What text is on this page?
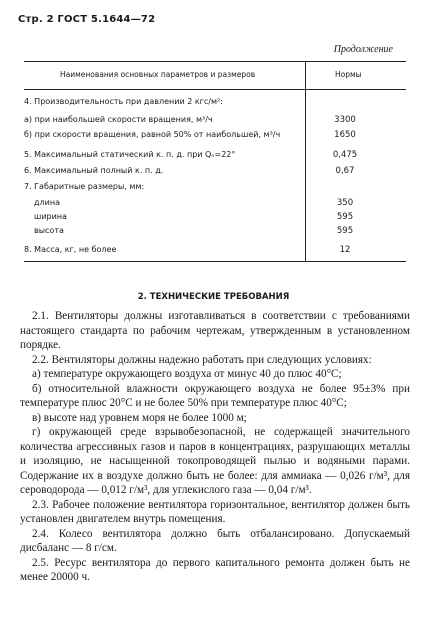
Стр. 2 ГОСТ 5.1644—72
Продолжение
Наименования основных параметров и размеров	Нормы
4. Производительность при давлении 2 кгс/м²:
а) при наибольшей скорости вращения, м³/ч	3300
б) при скорости вращения, равной 50% от наибольшей, м³/ч	1650
5. Максимальный статический к. п. д. при Qₙ=22°	0,475
6. Максимальный полный к. п. д.	0,67
7. Габаритные размеры, мм:
длина	350
ширина	595
высота	595
8. Масса, кг, не более	12
2. ТЕХНИЧЕСКИЕ ТРЕБОВАНИЯ

2.1. Вентиляторы должны изготавливаться в соответствии с требованиями настоящего стандарта по рабочим чертежам, утвержденным в установленном порядке.

2.2. Вентиляторы должны надежно работать при следующих условиях:

а) температуре окружающего воздуха от минус 40 до плюс 40°С;

б) относительной влажности окружающего воздуха не более 95±3% при температуре плюс 20°С и не более 50% при температуре плюс 40°С;

в) высоте над уровнем моря не более 1000 м;

г) окружающей среде взрывобезопасной, не содержащей значительного количества агрессивных газов и паров в концентрациях, разрушающих металлы и изоляцию, не насыщенной токопроводящей пылью и водяными парами. Содержание их в воздухе должно быть не более: для аммиака — 0,026 г/м³, для сероводорода — 0,012 г/м³, для углекислого газа — 0,04 г/м³.

2.3. Рабочее положение вентилятора горизонтальное, вентилятор должен быть установлен двигателем внутрь помещения.

2.4. Колесо вентилятора должно быть отбалансировано. Допускаемый дисбаланс — 8 г/см.

2.5. Ресурс вентилятора до первого капитального ремонта должен быть не менее 20000 ч.
